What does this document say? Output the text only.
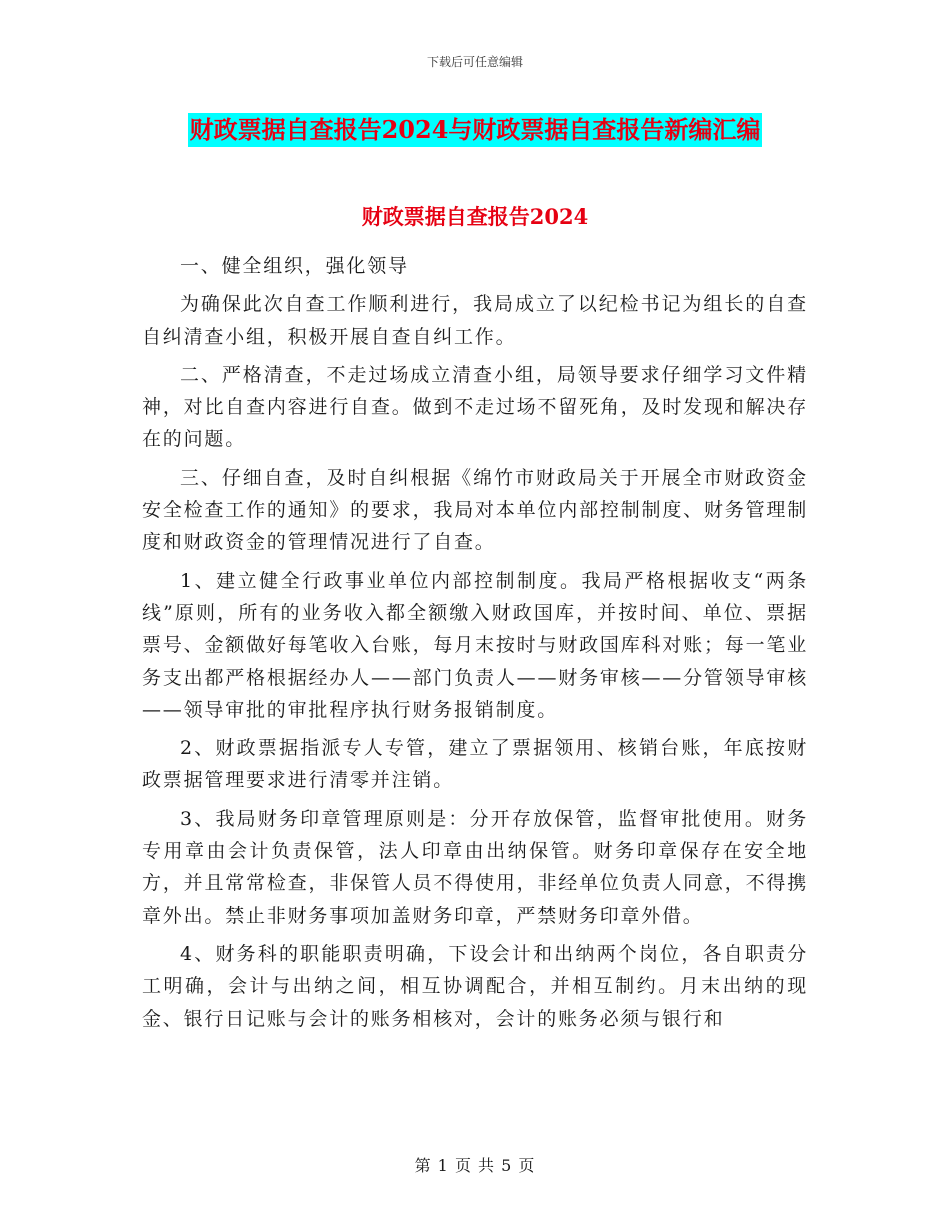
下载后可任意编辑
财政票据自查报告2024与财政票据自查报告新编汇编
财政票据自查报告2024

一、健全组织，强化领导

为确保此次自查工作顺利进行，我局成立了以纪检书记为组长的自查自纠清查小组，积极开展自查自纠工作。

二、严格清查，不走过场成立清查小组，局领导要求仔细学习文件精神，对比自查内容进行自查。做到不走过场不留死角，及时发现和解决存在的问题。

三、仔细自查，及时自纠根据《绵竹市财政局关于开展全市财政资金安全检查工作的通知》的要求，我局对本单位内部控制制度、财务管理制度和财政资金的管理情况进行了自查。

1、建立健全行政事业单位内部控制制度。我局严格根据收支“两条线”原则，所有的业务收入都全额缴入财政国库，并按时间、单位、票据票号、金额做好每笔收入台账，每月末按时与财政国库科对账；每一笔业务支出都严格根据经办人——部门负责人——财务审核——分管领导审核——领导审批的审批程序执行财务报销制度。

2、财政票据指派专人专管，建立了票据领用、核销台账，年底按财政票据管理要求进行清零并注销。

3、我局财务印章管理原则是：分开存放保管，监督审批使用。财务专用章由会计负责保管，法人印章由出纳保管。财务印章保存在安全地方，并且常常检查，非保管人员不得使用，非经单位负责人同意，不得携章外出。禁止非财务事项加盖财务印章，严禁财务印章外借。

4、财务科的职能职责明确，下设会计和出纳两个岗位，各自职责分工明确，会计与出纳之间，相互协调配合，并相互制约。月末出纳的现金、银行日记账与会计的账务相核对，会计的账务必须与银行和

第 1 页 共 5 页
